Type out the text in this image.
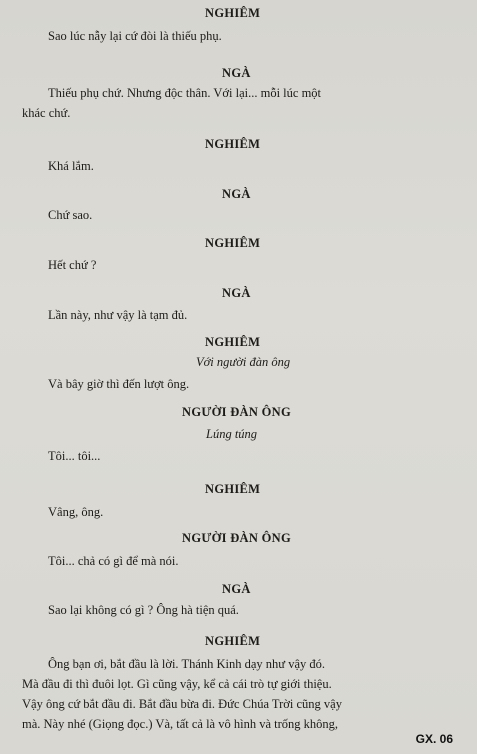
NGHIÊM
Sao lúc nẫy lại cứ đòi là thiếu phụ.
NGÀ
Thiếu phụ chứ. Nhưng độc thân. Với lại... mỗi lúc một
khác chứ.
NGHIÊM
Khá lắm.
NGÀ
Chứ sao.
NGHIÊM
Hết chứ ?
NGÀ
Lần này, như vậy là tạm đủ.
NGHIÊM
Với người đàn ông
Và bây giờ thì đến lượt ông.
NGƯỜI ĐÀN ÔNG
Lúng túng
Tôi... tôi...
NGHIÊM
Vâng, ông.
NGƯỜI ĐÀN ÔNG
Tôi... chả có gì để mà nói.
NGÀ
Sao lại không có gì ? Ông hà tiện quá.
NGHIÊM
Ông bạn ơi, bắt đầu là lời. Thánh Kinh dạy như vậy đó.
Mà đầu đi thì đuôi lọt. Gì cũng vậy, kể cả cái trò tự giới thiệu.
Vậy ông cứ bắt đầu đi. Bắt đầu bừa đi. Đức Chúa Trời cũng vậy
mà. Này nhé (Giọng đọc.) Và, tất cả là vô hình và trống không,
GX. 06
